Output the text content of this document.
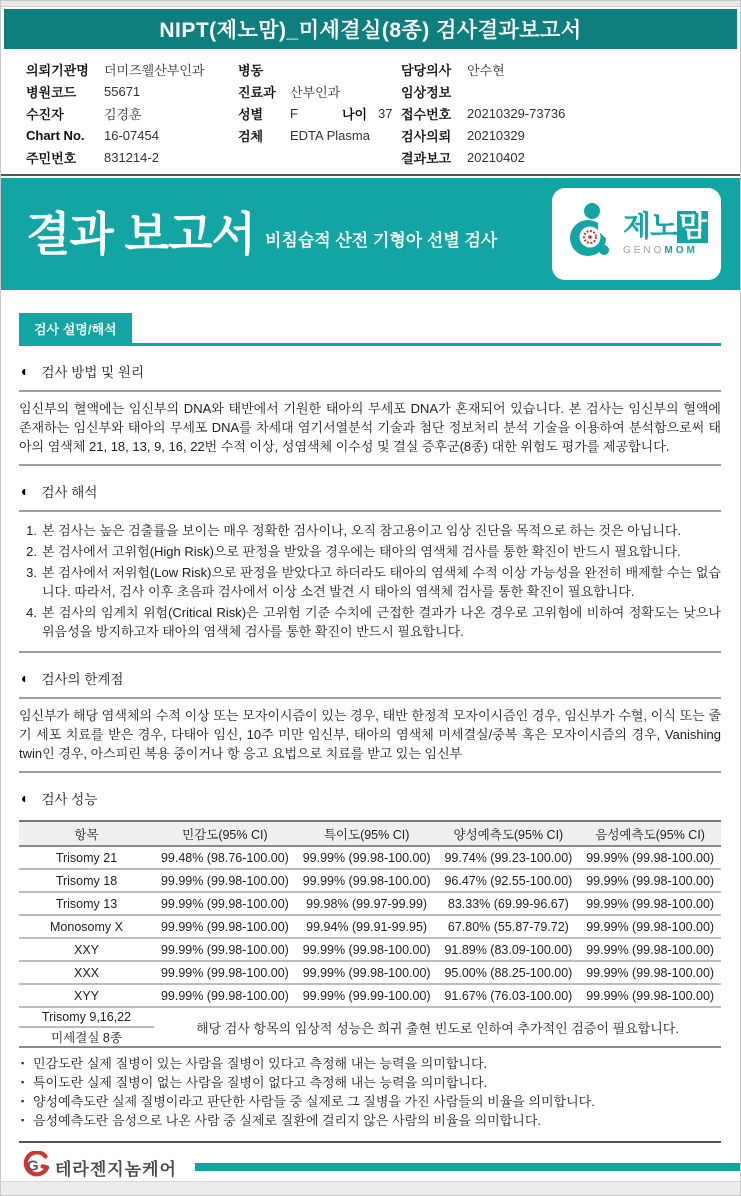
NIPT(제노맘)_미세결실(8종) 검사결과보고서
의뢰기관명	더미즈웰산부인과
병원코드	55671
수진자	김경훈
Chart No.	16-07454
주민번호	831214-2
병동
진료과	산부인과
성별	F	나이 37
검체	EDTA Plasma
담당의사	안수현
임상정보
접수번호	20210329-73736
검사의뢰	20210329
결과보고	20210402
결과 보고서 비침습적 산전 기형아 선별 검사	제노맘
GENOMOM
검사 설명/해석
◐ 검사 방법 및 원리

임신부의 혈액에는 임신부의 DNA와 태반에서 기원한 태아의 무세포 DNA가 혼재되어 있습니다. 본 검사는 임신부의 혈액에 존재하는 임신부와 태아의 무세포 DNA를 차세대 염기서열분석 기술과 첨단 정보처리 분석 기술을 이용하여 분석함으로써 태아의 염색체 21, 18, 13, 9, 16, 22번 수적 이상, 성염색체 이수성 및 결실 증후군(8종) 대한 위험도 평가를 제공합니다.

◐ 검사 해석
1. 본 검사는 높은 검출률을 보이는 매우 정확한 검사이나, 오직 참고용이고 임상 진단을 목적으로 하는 것은 아닙니다.
2. 본 검사에서 고위험(High Risk)으로 판정을 받았을 경우에는 태아의 염색체 검사를 통한 확진이 반드시 필요합니다.
3. 본 검사에서 저위험(Low Risk)으로 판정을 받았다고 하더라도 태아의 염색체 수적 이상 가능성을 완전히 배제할 수는 없습니다. 따라서, 검사 이후 초음파 검사에서 이상 소견 발견 시 태아의 염색체 검사를 통한 확진이 필요합니다.
4. 본 검사의 임계치 위험(Critical Risk)은 고위험 기준 수치에 근접한 결과가 나온 경우로 고위험에 비하여 정확도는 낮으나 위음성을 방지하고자 태아의 염색체 검사를 통한 확진이 반드시 필요합니다.
◐ 검사의 한계점

임신부가 해당 염색체의 수적 이상 또는 모자이시즘이 있는 경우, 태반 한정적 모자이시즘인 경우, 임신부가 수혈, 이식 또는 줄기 세포 치료를 받은 경우, 다태아 임신, 10주 미만 임신부, 태아의 염색체 미세결실/중복 혹은 모자이시즘의 경우, Vanishing twin인 경우, 아스피린 복용 중이거나 항 응고 요법으로 치료를 받고 있는 임신부

◐ 검사 성능
항목	민감도(95% CI)	특이도(95% CI)	양성예측도(95% CI)	음성예측도(95% CI)
Trisomy 21	99.48% (98.76-100.00)	99.99% (99.98-100.00)	99.74% (99.23-100.00)	99.99% (99.98-100.00)
Trisomy 18	99.99% (99.98-100.00)	99.99% (99.98-100.00)	96.47% (92.55-100.00)	99.99% (99.98-100.00)
Trisomy 13	99.99% (99.98-100.00)	99.98% (99.97-99.99)	83.33% (69.99-96.67)	99.99% (99.98-100.00)
Monosomy X	99.99% (99.98-100.00)	99.94% (99.91-99.95)	67.80% (55.87-79.72)	99.99% (99.98-100.00)
XXY	99.99% (99.98-100.00)	99.99% (99.98-100.00)	91.89% (83.09-100.00)	99.99% (99.98-100.00)
XXX	99.99% (99.98-100.00)	99.99% (99.98-100.00)	95.00% (88.25-100.00)	99.99% (99.98-100.00)
XYY	99.99% (99.98-100.00)	99.99% (99.99-100.00)	91.67% (76.03-100.00)	99.99% (99.98-100.00)
Trisomy 9,16,22	해당 검사 항목의 임상적 성능은 희귀 출현 빈도로 인하여 추가적인 검증이 필요합니다.			
미세결실 8종				
▪ 민감도란 실제 질병이 있는 사람을 질병이 있다고 측정해 내는 능력을 의미합니다.
▪ 특이도란 실제 질병이 없는 사람을 질병이 없다고 측정해 내는 능력을 의미합니다.
▪ 양성예측도란 실제 질병이라고 판단한 사람들 중 실제로 그 질병을 가진 사람들의 비율을 의미합니다.
▪ 음성예측도란 음성으로 나온 사람 중 실제로 질환에 걸리지 않은 사람의 비율을 의미합니다.
G 테라젠지놈케어
